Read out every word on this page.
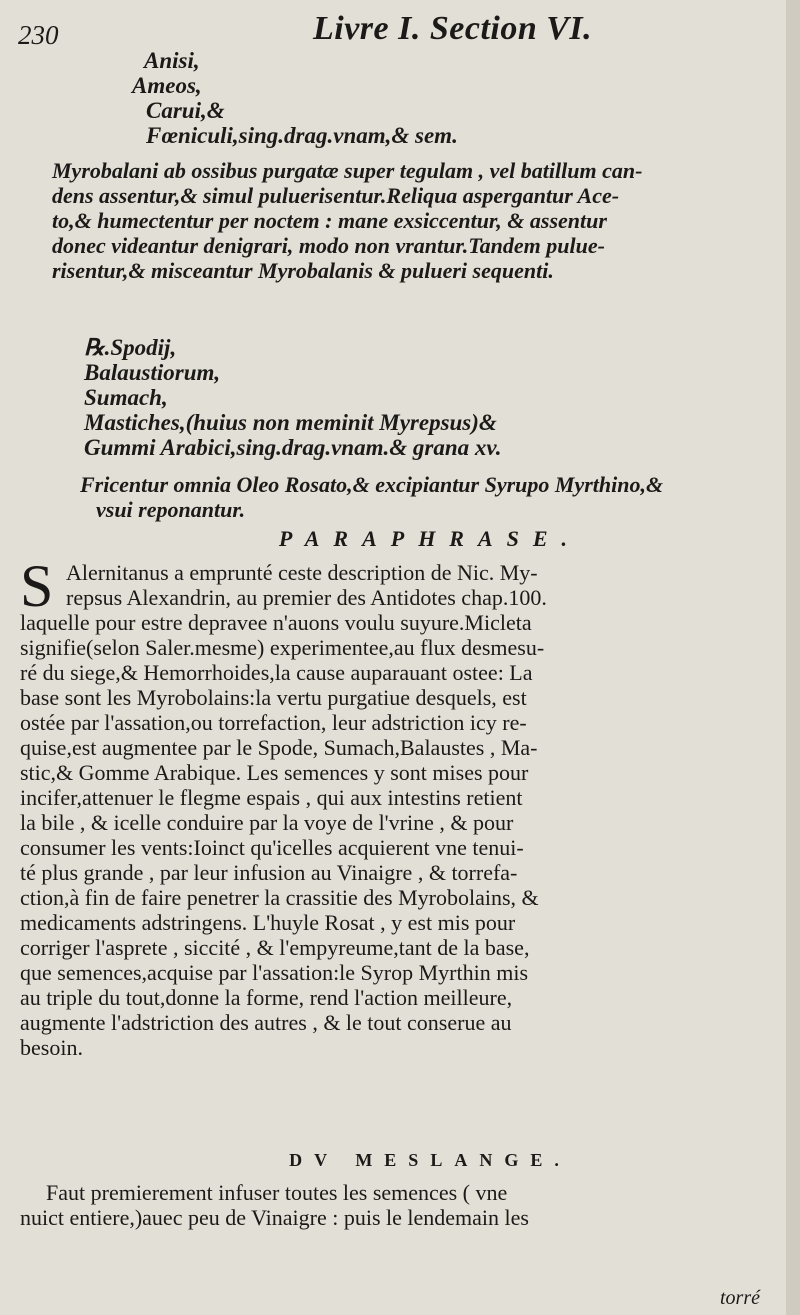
230	Livre I. Section VI.
Anisi,
Ameos,
Carui,&
Fœniculi,sing.drag.vnam,& sem.
Myrobalani ab ossibus purgatæ super tegulam , vel batillum can-
dens assentur,& simul puluerisentur.Reliqua aspergantur Ace-
to,& humectentur per noctem : mane exsiccentur, & assentur
donec videantur denigrari, modo non vrantur.Tandem pulue-
risentur,& misceantur Myrobalanis & pulueri sequenti.
℞.Spodij,
Balaustiorum,
Sumach,
Mastiches,(huius non meminit Myrepsus)&
Gummi Arabici,sing.drag.vnam.& grana xv.
Fricentur omnia Oleo Rosato,& excipiantur Syrupo Myrthino,&
vsui reponantur.
PARAPHRASE.
S Alernitanus a emprunté ceste description de Nic. My-
repsus Alexandrin, au premier des Antidotes chap.100.
laquelle pour estre depravee n'auons voulu suyure.Micleta
signifie(selon Saler.mesme) experimentee,au flux desmesu-
ré du siege,& Hemorrhoides,la cause auparauant ostee: La
base sont les Myrobolains:la vertu purgatiue desquels, est
ostée par l'assation,ou torrefaction, leur adstriction icy re-
quise,est augmentee par le Spode, Sumach,Balaustes , Ma-
stic,& Gomme Arabique. Les semences y sont mises pour
incifer,attenuer le flegme espais , qui aux intestins retient
la bile , & icelle conduire par la voye de l'vrine , & pour
consumer les vents:Ioinct qu'icelles acquierent vne tenui-
té plus grande , par leur infusion au Vinaigre , & torrefa-
ction,à fin de faire penetrer la crassitie des Myrobolains, &
medicaments adstringens. L'huyle Rosat , y est mis pour
corriger l'asprete , siccité , & l'empyreume,tant de la base,
que semences,acquise par l'assation:le Syrop Myrthin mis
au triple du tout,donne la forme, rend l'action meilleure,
augmente l'adstriction des autres , & le tout conserue au
besoin.
DV MESLANGE.
Faut premierement infuser toutes les semences ( vne
nuict entiere,)auec peu de Vinaigre : puis le lendemain les
torré
